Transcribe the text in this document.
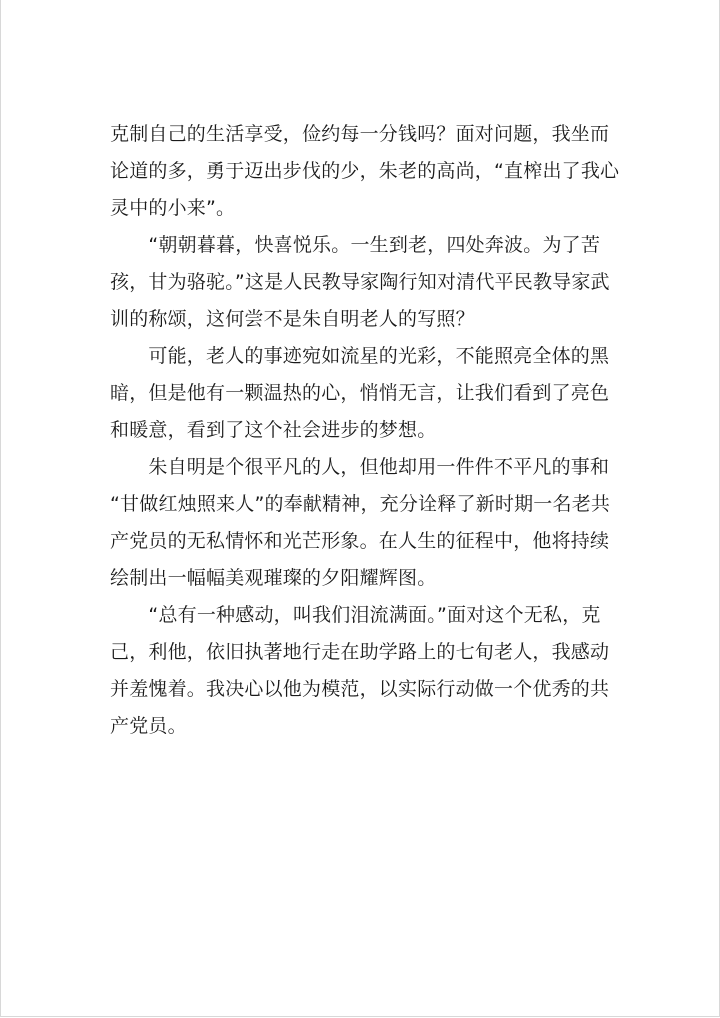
克制自己的生活享受，俭约每一分钱吗？面对问题，我坐而
论道的多，勇于迈出步伐的少，朱老的高尚，“直榨出了我心
灵中的小来”。
　　“朝朝暮暮，快喜悦乐。一生到老，四处奔波。为了苦
孩，甘为骆驼。”这是人民教导家陶行知对清代平民教导家武
训的称颂，这何尝不是朱自明老人的写照？
　　可能，老人的事迹宛如流星的光彩，不能照亮全体的黑
暗，但是他有一颗温热的心，悄悄无言，让我们看到了亮色
和暖意，看到了这个社会进步的梦想。
　　朱自明是个很平凡的人，但他却用一件件不平凡的事和
“甘做红烛照来人”的奉献精神，充分诠释了新时期一名老共
产党员的无私情怀和光芒形象。在人生的征程中，他将持续
绘制出一幅幅美观璀璨的夕阳耀辉图。
　　“总有一种感动，叫我们泪流满面。”面对这个无私，克
己，利他，依旧执著地行走在助学路上的七旬老人，我感动
并羞愧着。我决心以他为模范，以实际行动做一个优秀的共
产党员。
